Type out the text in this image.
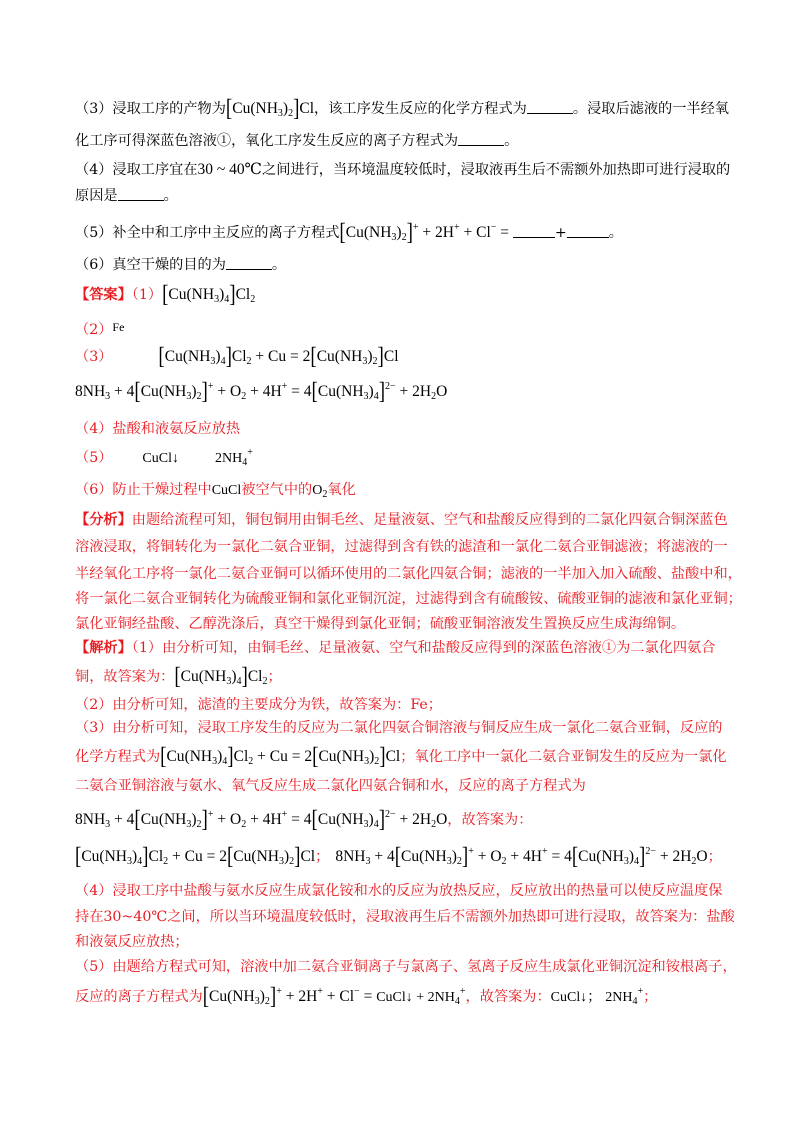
（3）浸取工序的产物为$[Cu(NH_3)_2]Cl$，该工序发生反应的化学方程式为	。浸取后滤液的一半经氧
化工序可得深蓝色溶液①，氧化工序发生反应的离子方程式为	。
（4）浸取工序宜在30 ~ 40℃之间进行，当环境温度较低时，浸取液再生后不需额外加热即可进行浸取的
原因是	。
（5）补全中和工序中主反应的离子方程式$[Cu(NH_3)_2]^+ + 2H^+ + Cl^-$ =	+	。
（6）真空干燥的目的为	。
【答案】$(1)[Cu(NH_3)_4]Cl_2$
$(2)^{Fe}$
（3） $[Cu(NH_3)_4]Cl_2 + Cu = 2[Cu(NH_3)_2]Cl$
$8NH_3 + 4[Cu(NH_3)_2]^+ + O_2 + 4H^+ = 4[Cu(NH_3)_4]^{2-} + 2H_2O$
（4）盐酸和液氨反应放热
（5） CuCl↓	$2NH_4^+$
（6）防止干燥过程中CuCl被空气中的$O_2$氧化
【分析】由题给流程可知，铜包铜用由铜毛丝、足量液氨、空气和盐酸反应得到的二氯化四氨合铜深蓝色
溶液浸取，将铜转化为一氯化二氨合亚铜，过滤得到含有铁的滤渣和一氯化二氨合亚铜滤液；将滤液的一
半经氧化工序将一氯化二氨合亚铜可以循环使用的二氯化四氨合铜；滤液的一半加入加入硫酸、盐酸中和，
将一氯化二氨合亚铜转化为硫酸亚铜和氯化亚铜沉淀，过滤得到含有硫酸铵、硫酸亚铜的滤液和氯化亚铜；
氯化亚铜经盐酸、乙醇洗涤后，真空干燥得到氯化亚铜；硫酸亚铜溶液发生置换反应生成海绵铜。
【解析】（1）由分析可知，由铜毛丝、足量液氨、空气和盐酸反应得到的深蓝色溶液①为二氯化四氨合
铜，故答案为：$[Cu(NH_3)_4]Cl_2$；
（2）由分析可知，滤渣的主要成分为铁，故答案为：Fe；
（3）由分析可知，浸取工序发生的反应为二氯化四氨合铜溶液与铜反应生成一氯化二氨合亚铜，反应的
化学方程式为$[Cu(NH_3)_4]Cl_2 + Cu = 2[Cu(NH_3)_2]Cl$；氧化工序中一氯化二氨合亚铜发生的反应为一氯化
二氨合亚铜溶液与氨水、氧气反应生成二氯化四氨合铜和水，反应的离子方程式为
$8NH_3 + 4[Cu(NH_3)_2]^+ + O_2 + 4H^+ = 4[Cu(NH_3)_4]^{2-} + 2H_2O$，故答案为：
$[Cu(NH_3)_4]Cl_2 + Cu = 2[Cu(NH_3)_2]Cl$； $8NH_3 + 4[Cu(NH_3)_2]^+ + O_2 + 4H^+ = 4[Cu(NH_3)_4]^{2-} + 2H_2O$；
（4）浸取工序中盐酸与氨水反应生成氯化铵和水的反应为放热反应，反应放出的热量可以使反应温度保
持在30~40℃之间，所以当环境温度较低时，浸取液再生后不需额外加热即可进行浸取，故答案为：盐酸
和液氨反应放热；
（5）由题给方程式可知，溶液中加二氨合亚铜离子与氯离子、氢离子反应生成氯化亚铜沉淀和铵根离子，
反应的离子方程式为$[Cu(NH_3)_2]^+ + 2H^+ + Cl^-$ = CuCl↓ + $2NH_4^+$，故答案为：CuCl↓； $2NH_4^+$；
